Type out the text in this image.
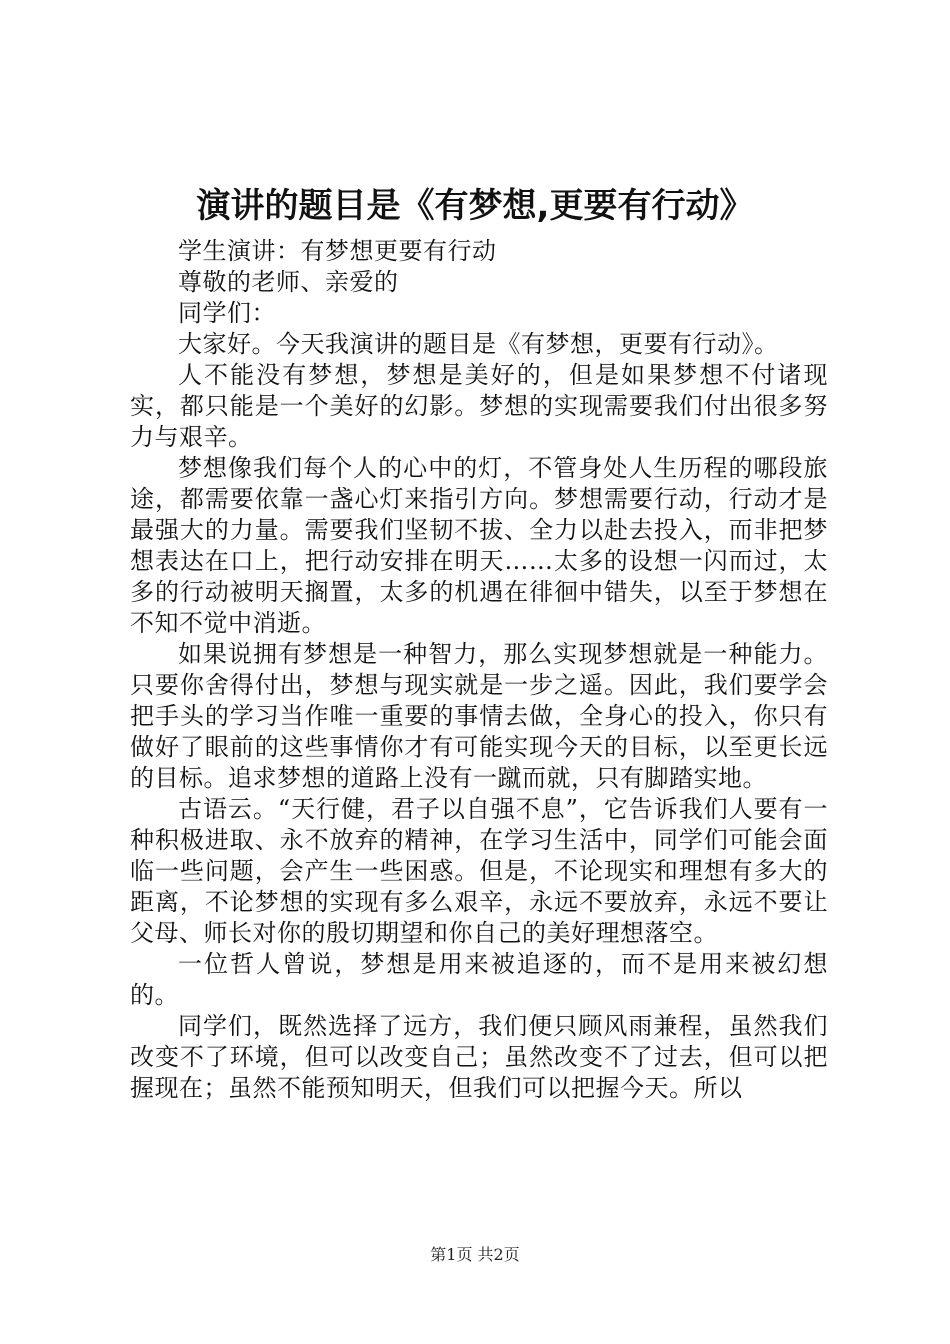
演讲的题目是《有梦想,更要有行动》

学生演讲：有梦想更要有行动

尊敬的老师、亲爱的

同学们：

大家好。今天我演讲的题目是《有梦想，更要有行动》。

人不能没有梦想，梦想是美好的，但是如果梦想不付诸现实，都只能是一个美好的幻影。梦想的实现需要我们付出很多努力与艰辛。

梦想像我们每个人的心中的灯，不管身处人生历程的哪段旅途，都需要依靠一盏心灯来指引方向。梦想需要行动，行动才是最强大的力量。需要我们坚韧不拔、全力以赴去投入，而非把梦想表达在口上，把行动安排在明天……太多的设想一闪而过，太多的行动被明天搁置，太多的机遇在徘徊中错失，以至于梦想在不知不觉中消逝。

如果说拥有梦想是一种智力，那么实现梦想就是一种能力。只要你舍得付出，梦想与现实就是一步之遥。因此，我们要学会把手头的学习当作唯一重要的事情去做，全身心的投入，你只有做好了眼前的这些事情你才有可能实现今天的目标，以至更长远的目标。追求梦想的道路上没有一蹴而就，只有脚踏实地。

古语云。“天行健，君子以自强不息”，它告诉我们人要有一种积极进取、永不放弃的精神，在学习生活中，同学们可能会面临一些问题，会产生一些困惑。但是，不论现实和理想有多大的距离，不论梦想的实现有多么艰辛，永远不要放弃，永远不要让父母、师长对你的殷切期望和你自己的美好理想落空。

一位哲人曾说，梦想是用来被追逐的，而不是用来被幻想的。

同学们，既然选择了远方，我们便只顾风雨兼程，虽然我们改变不了环境，但可以改变自己；虽然改变不了过去，但可以把握现在；虽然不能预知明天，但我们可以把握今天。所以

第1页 共2页
